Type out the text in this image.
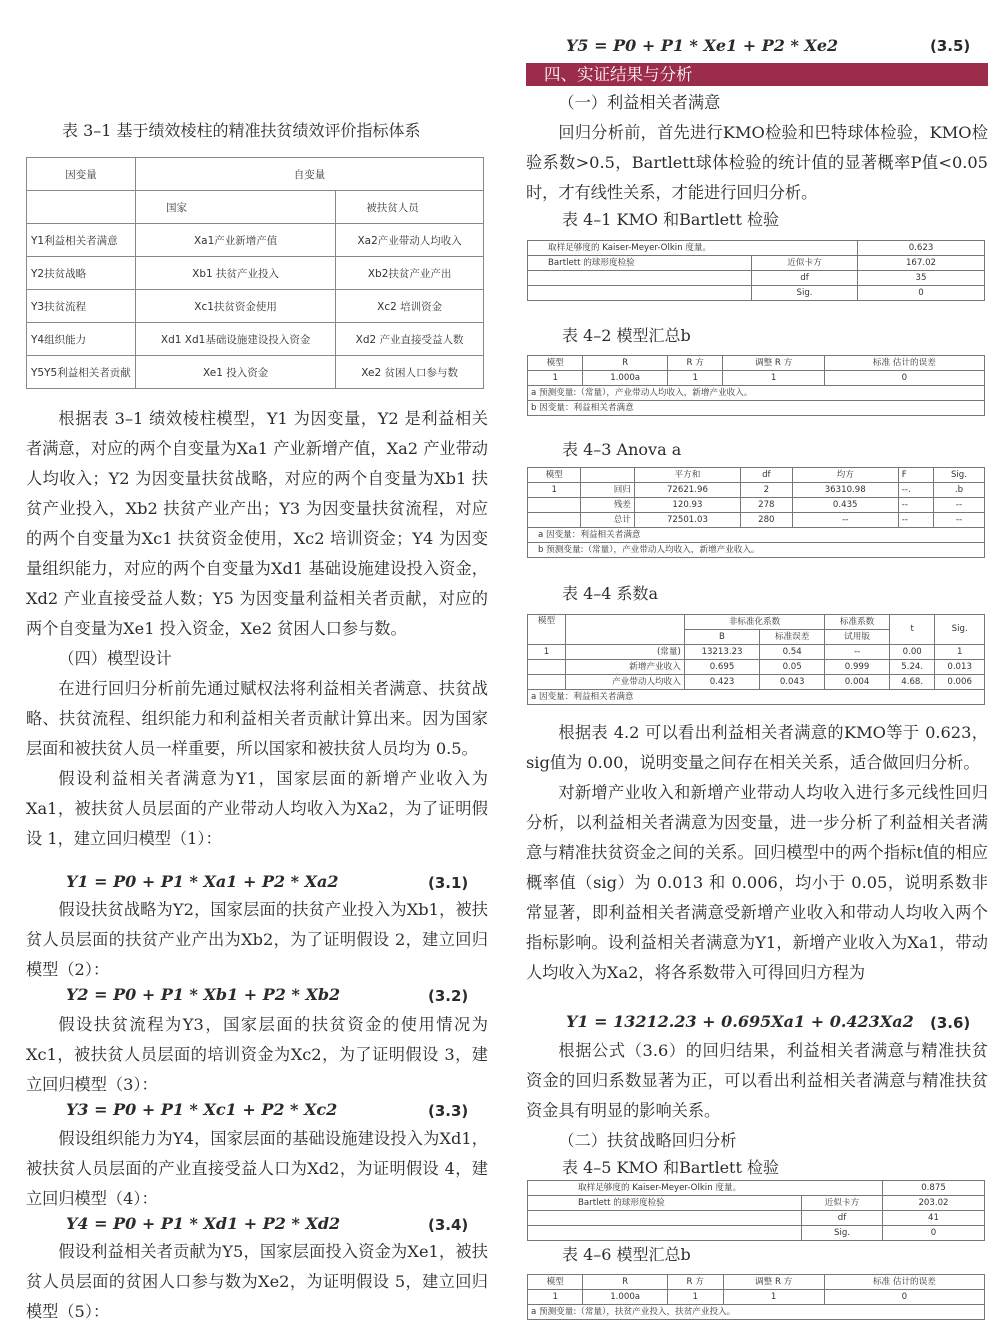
Y5 = P0 + P1 * Xe1 + P2 * Xe2	(3.5)
四、实证结果与分析
表 3–1 基于绩效棱柱的精准扶贫绩效评价指标体系
因变量	自变量	
	国家	被扶贫人员
Y1利益相关者满意	Xa1产业新增产值	Xa2产业带动人均收入
Y2扶贫战略	Xb1 扶贫产业投入	Xb2扶贫产业产出
Y3扶贫流程	Xc1扶贫资金使用	Xc2 培训资金
Y4组织能力	Xd1 Xd1基础设施建设投入资金	Xd2 产业直接受益人数
Y5Y5利益相关者贡献	Xe1 投入资金	Xe2 贫困人口参与数

根据表 3–1 绩效棱柱模型，Y1 为因变量，Y2 是利益相关者满意，对应的两个自变量为Xa1 产业新增产值，Xa2 产业带动人均收入；Y2 为因变量扶贫战略，对应的两个自变量为Xb1 扶贫产业投入，Xb2 扶贫产业产出；Y3 为因变量扶贫流程，对应的两个自变量为Xc1 扶贫资金使用，Xc2 培训资金；Y4 为因变量组织能力，对应的两个自变量为Xd1 基础设施建设投入资金，Xd2 产业直接受益人数；Y5 为因变量利益相关者贡献，对应的两个自变量为Xe1 投入资金，Xe2 贫困人口参与数。

（四）模型设计

在进行回归分析前先通过赋权法将利益相关者满意、扶贫战略、扶贫流程、组织能力和利益相关者贡献计算出来。因为国家层面和被扶贫人员一样重要，所以国家和被扶贫人员均为 0.5。

假设利益相关者满意为Y1，国家层面的新增产业收入为Xa1，被扶贫人员层面的产业带动人均收入为Xa2，为了证明假设 1，建立回归模型（1）：

Y1 = P0 + P1 * Xa1 + P2 * Xa2	(3.1)

假设扶贫战略为Y2，国家层面的扶贫产业投入为Xb1，被扶贫人员层面的扶贫产业产出为Xb2，为了证明假设 2，建立回归模型（2）：

Y2 = P0 + P1 * Xb1 + P2 * Xb2	(3.2)

假设扶贫流程为Y3，国家层面的扶贫资金的使用情况为Xc1，被扶贫人员层面的培训资金为Xc2，为了证明假设 3，建立回归模型（3）：

Y3 = P0 + P1 * Xc1 + P2 * Xc2	(3.3)

假设组织能力为Y4，国家层面的基础设施建设投入为Xd1，被扶贫人员层面的产业直接受益人口为Xd2，为证明假设 4，建立回归模型（4）：

Y4 = P0 + P1 * Xd1 + P2 * Xd2	(3.4)

假设利益相关者贡献为Y5，国家层面投入资金为Xe1，被扶贫人员层面的贫困人口参与数为Xe2，为证明假设 5，建立回归模型（5）：

（一）利益相关者满意

回归分析前，首先进行KMO检验和巴特球体检验，KMO检验系数>0.5，Bartlett球体检验的统计值的显著概率P值<0.05 时，才有线性关系，才能进行回归分析。

表 4–1 KMO 和Bartlett 检验
取样足够度的 Kaiser-Meyer-Olkin 度量。		0.623
Bartlett 的球形度检验	近似卡方	167.02
	df	35
	Sig.	0
表 4–2 模型汇总b
模型	R	R 方	调整 R 方	标准 估计的误差
1	1.000a	1	1	0
a 预测变量:（常量），产业带动人均收入，新增产业收入。				
b 因变量：利益相关者满意				
表 4–3 Anova a
模型		平方和	df	均方	F	Sig.
1	回归	72621.96	2	36310.98	--.	.b
	残差	120.93	278	0.435	--	--
	总计	72501.03	280	--	--	--
a 因变量：利益相关者满意						
b 预测变量:（常量），产业带动人均收入，新增产业收入。						
表 4–4 系数a
模型		非标准化系数		标准系数	t	Sig.
		B	标准误差	试用版		
1	(常量)	13213.23	0.54	--	0.00	1
	新增产业收入	0.695	0.05	0.999	5.24.	0.013
	产业带动人均收入	0.423	0.043	0.004	4.68.	0.006
a 因变量：利益相关者满意						

根据表 4.2 可以看出利益相关者满意的KMO等于 0.623，sig值为 0.00，说明变量之间存在相关关系，适合做回归分析。

对新增产业收入和新增产业带动人均收入进行多元线性回归分析，以利益相关者满意为因变量，进一步分析了利益相关者满意与精准扶贫资金之间的关系。回归模型中的两个指标t值的相应概率值（sig）为 0.013 和 0.006，均小于 0.05，说明系数非常显著，即利益相关者满意受新增产业收入和带动人均收入两个指标影响。设利益相关者满意为Y1，新增产业收入为Xa1，带动人均收入为Xa2，将各系数带入可得回归方程为

Y1 = 13212.23 + 0.695Xa1 + 0.423Xa2 (3.6)

根据公式（3.6）的回归结果，利益相关者满意与精准扶贫资金的回归系数显著为正，可以看出利益相关者满意与精准扶贫资金具有明显的影响关系。

（二）扶贫战略回归分析

表 4–5 KMO 和Bartlett 检验
取样足够度的 Kaiser-Meyer-Olkin 度量。		0.875
Bartlett 的球形度检验	近似卡方	203.02
	df	41
	Sig.	0
表 4–6 模型汇总b
模型	R	R 方	调整 R 方	标准 估计的误差
1	1.000a	1	1	0
a 预测变量:（常量），扶贫产业投入，扶贫产业投入。				
